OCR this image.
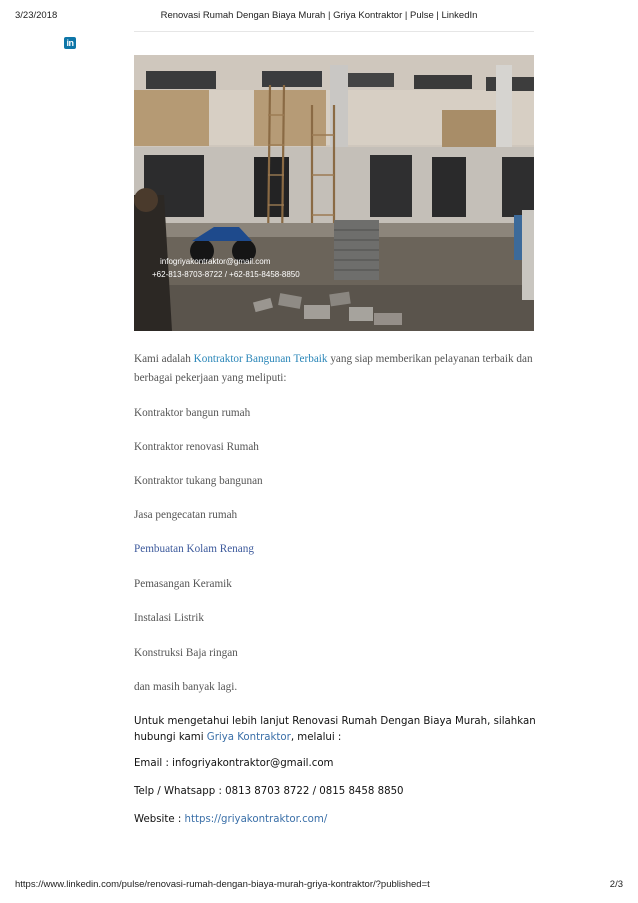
3/23/2018	Renovasi Rumah Dengan Biaya Murah | Griya Kontraktor | Pulse | LinkedIn
in
infogriyakontraktor@gmail.com
+62-813-8703-8722 / +62-815-8458-8850

Kami adalah Kontraktor Bangunan Terbaik yang siap memberikan pelayanan terbaik dan berbagai pekerjaan yang meliputi:

Kontraktor bangun rumah

Kontraktor renovasi Rumah

Kontraktor tukang bangunan

Jasa pengecatan rumah

Pembuatan Kolam Renang

Pemasangan Keramik

Instalasi Listrik

Konstruksi Baja ringan

dan masih banyak lagi.

Untuk mengetahui lebih lanjut Renovasi Rumah Dengan Biaya Murah, silahkan hubungi kami Griya Kontraktor, melalui :
Email : infogriyakontraktor@gmail.com
Telp / Whatsapp : 0813 8703 8722 / 0815 8458 8850
Website : https://griyakontraktor.com/
https://www.linkedin.com/pulse/renovasi-rumah-dengan-biaya-murah-griya-kontraktor/?published=t	2/3
